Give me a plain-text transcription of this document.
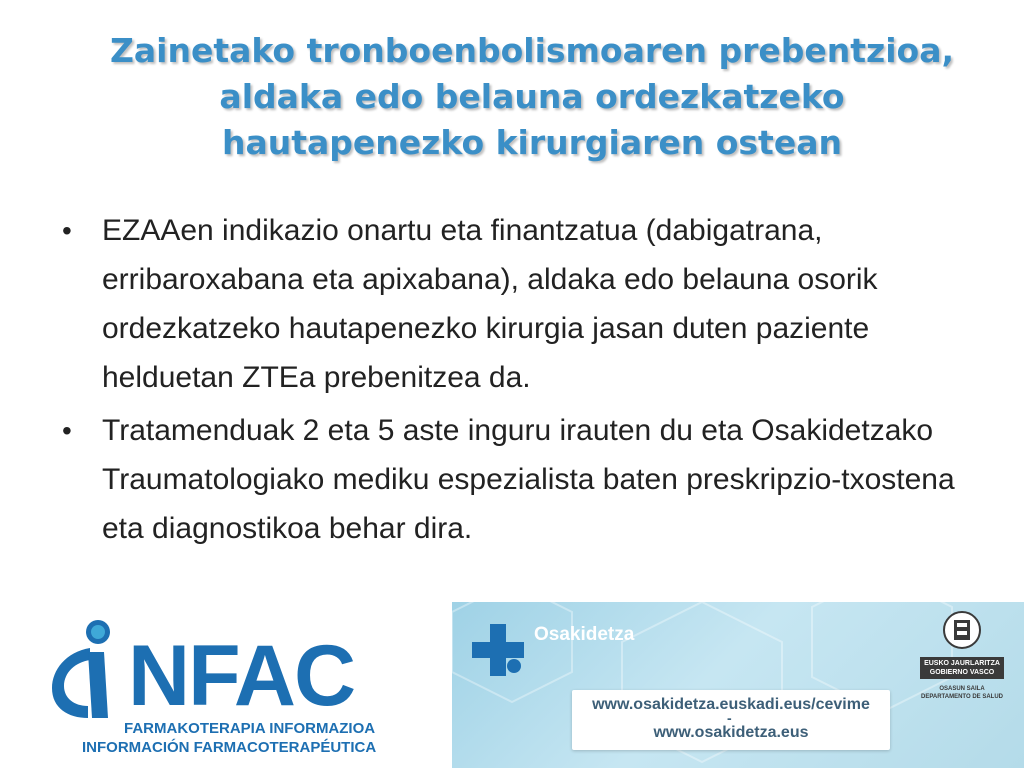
Zainetako tronboenbolismoaren prebentzioa,
aldaka edo belauna ordezkatzeko
hautapenezko kirurgiaren ostean
• EZAAen indikazio onartu eta finantzatua (dabigatrana, erribaroxabana eta apixabana), aldaka edo belauna osorik ordezkatzeko hautapenezko kirurgia jasan duten paziente helduetan ZTEa prebenitzea da.
• Tratamenduak 2 eta 5 aste inguru irauten du eta Osakidetzako Traumatologiako mediku espezialista baten preskripzio-txostena eta diagnostikoa behar dira.
NFAC
FARMAKOTERAPIA INFORMAZIOA
INFORMACIÓN FARMACOTERAPÉUTICA
Osakidetza
www.osakidetza.euskadi.eus/cevime
-
www.osakidetza.eus
EUSKO JAURLARITZA
GOBIERNO VASCO
OSASUN SAILA
DEPARTAMENTO DE SALUD
